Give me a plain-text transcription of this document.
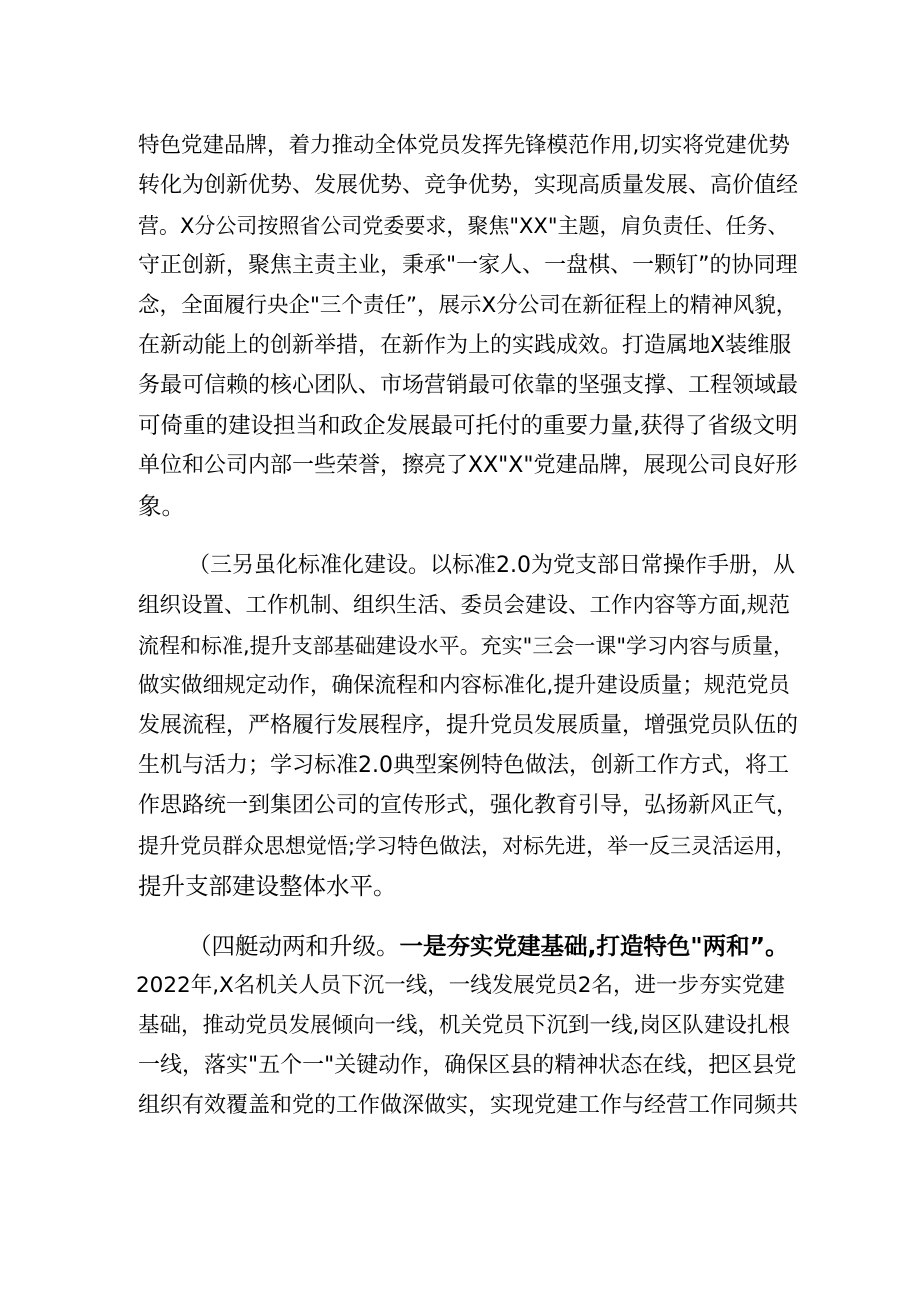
特色党建品牌，着力推动全体党员发挥先锋模范作用,切实将党建优势
转化为创新优势、发展优势、竞争优势，实现高质量发展、高价值经
营。X分公司按照省公司党委要求，聚焦"XX"主题，肩负责任、任务、
守正创新，聚焦主责主业，秉承"一家人、一盘棋、一颗钉”的协同理
念，全面履行央企"三个责任”，展示X分公司在新征程上的精神风貌，
在新动能上的创新举措，在新作为上的实践成效。打造属地X装维服
务最可信赖的核心团队、市场营销最可依靠的坚强支撑、工程领域最
可倚重的建设担当和政企发展最可托付的重要力量,获得了省级文明
单位和公司内部一些荣誉，擦亮了XX"X"党建品牌，展现公司良好形
象。
（三另虽化标准化建设。以标准2.0为党支部日常操作手册，从
组织设置、工作机制、组织生活、委员会建设、工作内容等方面,规范
流程和标准,提升支部基础建设水平。充实"三会一课"学习内容与质量，
做实做细规定动作，确保流程和内容标准化,提升建设质量；规范党员
发展流程，严格履行发展程序，提升党员发展质量，增强党员队伍的
生机与活力；学习标准2.0典型案例特色做法，创新工作方式，将工
作思路统一到集团公司的宣传形式，强化教育引导，弘扬新风正气，
提升党员群众思想觉悟;学习特色做法，对标先进，举一反三灵活运用，
提升支部建设整体水平。
（四艇动两和升级。一是夯实党建基础,打造特色"两和”。
2022年,X名机关人员下沉一线，一线发展党员2名，进一步夯实党建
基础，推动党员发展倾向一线，机关党员下沉到一线,岗区队建设扎根
一线，落实"五个一"关键动作，确保区县的精神状态在线，把区县党
组织有效覆盖和党的工作做深做实，实现党建工作与经营工作同频共
